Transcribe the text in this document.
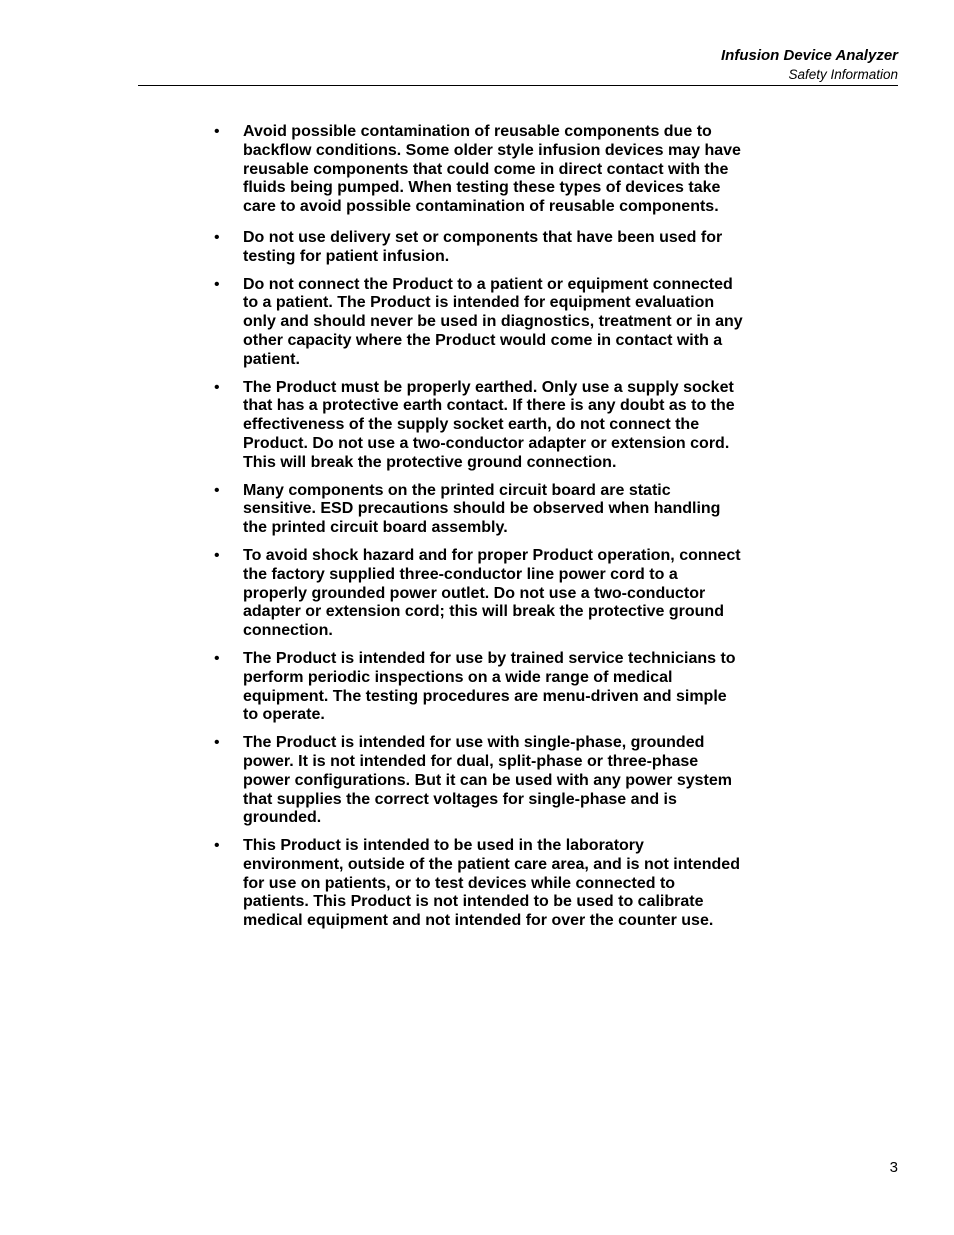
Infusion Device Analyzer
Safety Information
• Avoid possible contamination of reusable components due to backflow conditions. Some older style infusion devices may have reusable components that could come in direct contact with the fluids being pumped. When testing these types of devices take care to avoid possible contamination of reusable components.
• Do not use delivery set or components that have been used for testing for patient infusion.
• Do not connect the Product to a patient or equipment connected to a patient. The Product is intended for equipment evaluation only and should never be used in diagnostics, treatment or in any other capacity where the Product would come in contact with a patient.
• The Product must be properly earthed. Only use a supply socket that has a protective earth contact. If there is any doubt as to the effectiveness of the supply socket earth, do not connect the Product. Do not use a two-conductor adapter or extension cord. This will break the protective ground connection.
• Many components on the printed circuit board are static sensitive. ESD precautions should be observed when handling the printed circuit board assembly.
• To avoid shock hazard and for proper Product operation, connect the factory supplied three-conductor line power cord to a properly grounded power outlet. Do not use a two-conductor adapter or extension cord; this will break the protective ground connection.
• The Product is intended for use by trained service technicians to perform periodic inspections on a wide range of medical equipment. The testing procedures are menu-driven and simple to operate.
• The Product is intended for use with single-phase, grounded power. It is not intended for dual, split-phase or three-phase power configurations. But it can be used with any power system that supplies the correct voltages for single-phase and is grounded.
• This Product is intended to be used in the laboratory environment, outside of the patient care area, and is not intended for use on patients, or to test devices while connected to patients. This Product is not intended to be used to calibrate medical equipment and not intended for over the counter use.
3
